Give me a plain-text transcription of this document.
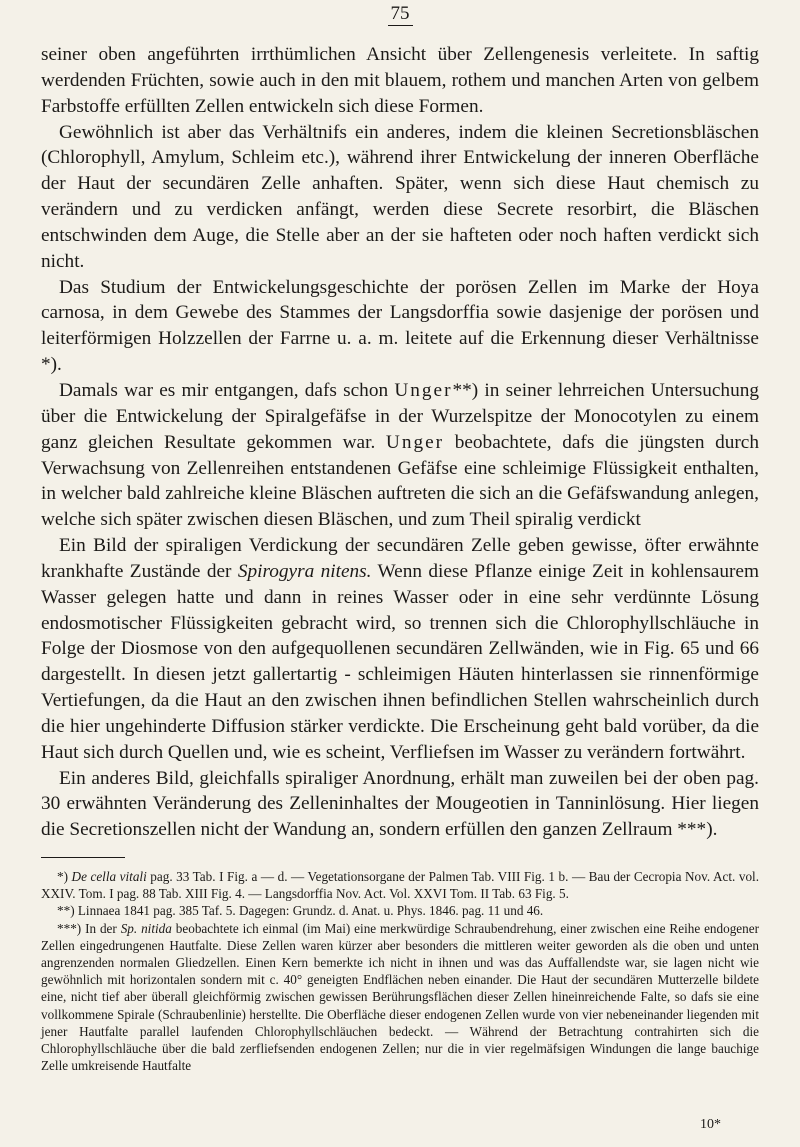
75

seiner oben angeführten irrthümlichen Ansicht über Zellengenesis verleitete. In saftig werdenden Früchten, sowie auch in den mit blauem, rothem und manchen Arten von gelbem Farbstoffe erfüllten Zellen entwickeln sich diese Formen.

Gewöhnlich ist aber das Verhältnifs ein anderes, indem die kleinen Secretionsbläschen (Chlorophyll, Amylum, Schleim etc.), während ihrer Entwickelung der inneren Oberfläche der Haut der secundären Zelle anhaften. Später, wenn sich diese Haut chemisch zu verändern und zu verdicken anfängt, werden diese Secrete resorbirt, die Bläschen entschwinden dem Auge, die Stelle aber an der sie hafteten oder noch haften verdickt sich nicht.

Das Studium der Entwickelungsgeschichte der porösen Zellen im Marke der Hoya carnosa, in dem Gewebe des Stammes der Langsdorffia sowie dasjenige der porösen und leiterförmigen Holzzellen der Farrne u. a. m. leitete auf die Erkennung dieser Verhältnisse *).

Damals war es mir entgangen, dafs schon Unger**) in seiner lehrreichen Untersuchung über die Entwickelung der Spiralgefäfse in der Wurzelspitze der Monocotylen zu einem ganz gleichen Resultate gekommen war. Unger beobachtete, dafs die jüngsten durch Verwachsung von Zellenreihen entstandenen Gefäfse eine schleimige Flüssigkeit enthalten, in welcher bald zahlreiche kleine Bläschen auftreten die sich an die Gefäfswandung anlegen, welche sich später zwischen diesen Bläschen, und zum Theil spiralig verdickt

Ein Bild der spiraligen Verdickung der secundären Zelle geben gewisse, öfter erwähnte krankhafte Zustände der Spirogyra nitens. Wenn diese Pflanze einige Zeit in kohlensaurem Wasser gelegen hatte und dann in reines Wasser oder in eine sehr verdünnte Lösung endosmotischer Flüssigkeiten gebracht wird, so trennen sich die Chlorophyllschläuche in Folge der Diosmose von den aufgequollenen secundären Zellwänden, wie in Fig. 65 und 66 dargestellt. In diesen jetzt gallertartig - schleimigen Häuten hinterlassen sie rinnenförmige Vertiefungen, da die Haut an den zwischen ihnen befindlichen Stellen wahrscheinlich durch die hier ungehinderte Diffusion stärker verdickte. Die Erscheinung geht bald vorüber, da die Haut sich durch Quellen und, wie es scheint, Verfliefsen im Wasser zu verändern fortwährt.

Ein anderes Bild, gleichfalls spiraliger Anordnung, erhält man zuweilen bei der oben pag. 30 erwähnten Veränderung des Zelleninhaltes der Mougeotien in Tanninlösung. Hier liegen die Secretionszellen nicht der Wandung an, sondern erfüllen den ganzen Zellraum ***).

*) De cella vitali pag. 33 Tab. I Fig. a — d. — Vegetationsorgane der Palmen Tab. VIII Fig. 1 b. — Bau der Cecropia Nov. Act. vol. XXIV. Tom. I pag. 88 Tab. XIII Fig. 4. — Langsdorffia Nov. Act. Vol. XXVI Tom. II Tab. 63 Fig. 5.

**) Linnaea 1841 pag. 385 Taf. 5. Dagegen: Grundz. d. Anat. u. Phys. 1846. pag. 11 und 46.

***) In der Sp. nitida beobachtete ich einmal (im Mai) eine merkwürdige Schraubendrehung, einer zwischen eine Reihe endogener Zellen eingedrungenen Hautfalte. Diese Zellen waren kürzer aber besonders die mittleren weiter geworden als die oben und unten angrenzenden normalen Gliedzellen. Einen Kern bemerkte ich nicht in ihnen und was das Auffallendste war, sie lagen nicht wie gewöhnlich mit horizontalen sondern mit c. 40° geneigten Endflächen neben einander. Die Haut der secundären Mutterzelle bildete eine, nicht tief aber überall gleichförmig zwischen gewissen Berührungsflächen dieser Zellen hineinreichende Falte, so dafs sie eine vollkommene Spirale (Schraubenlinie) herstellte. Die Oberfläche dieser endogenen Zellen wurde von vier nebeneinander liegenden mit jener Hautfalte parallel laufenden Chlorophyllschläuchen bedeckt. — Während der Betrachtung contrahirten sich die Chlorophyllschläuche über die bald zerfliefsenden endogenen Zellen; nur die in vier regelmäfsigen Windungen die lange bauchige Zelle umkreisende Hautfalte

10*
